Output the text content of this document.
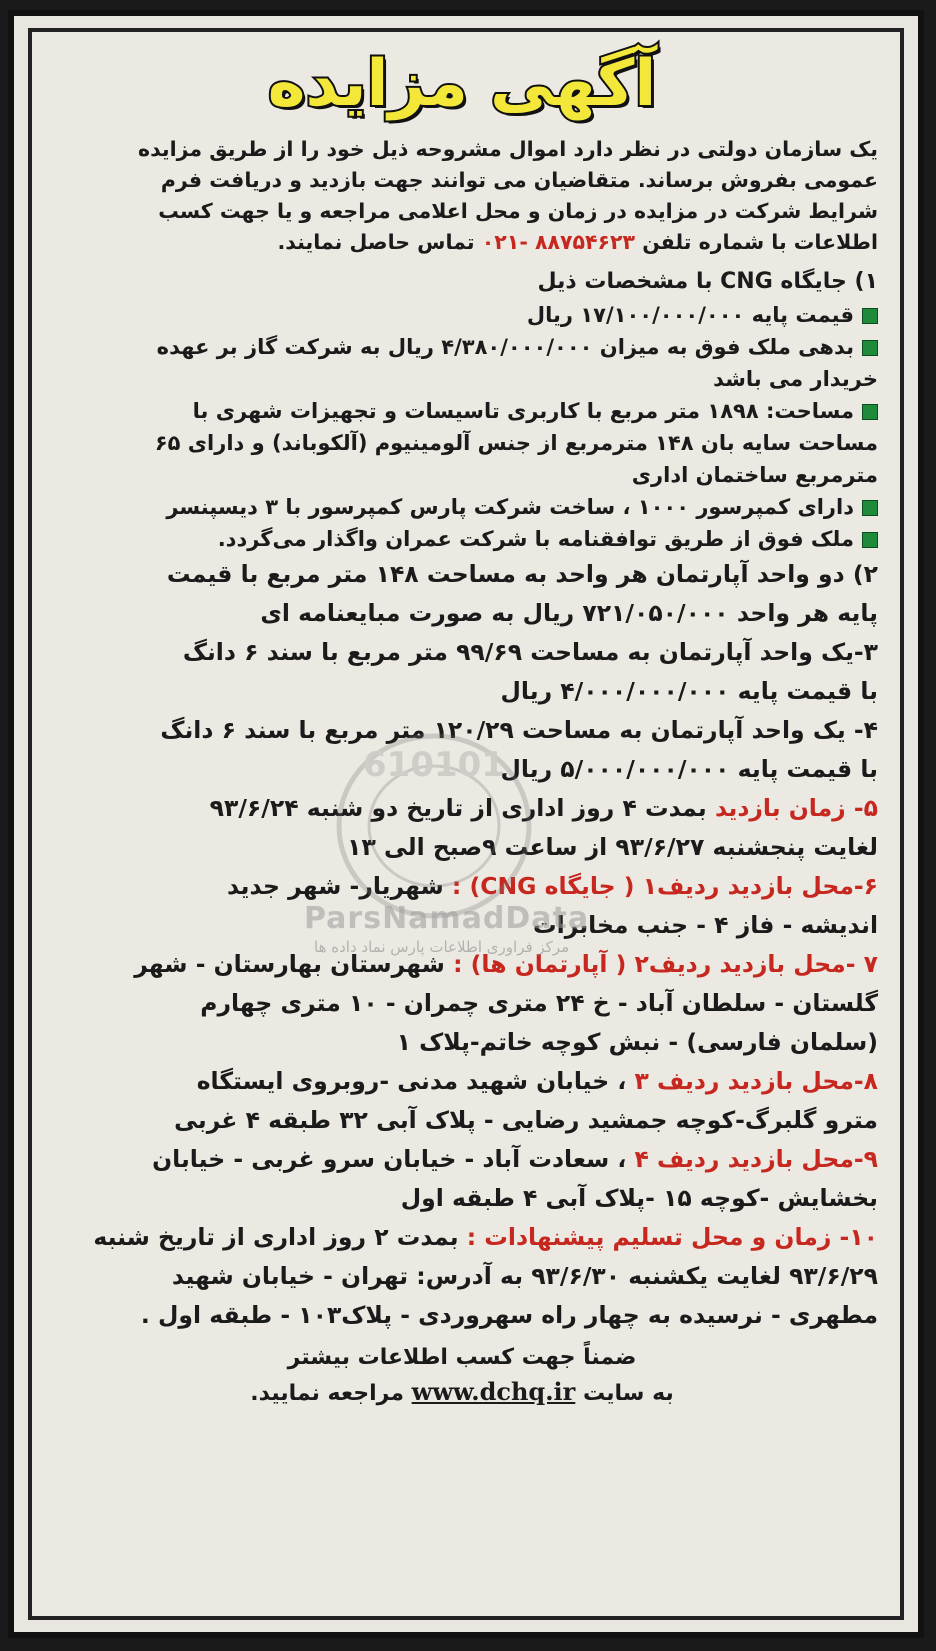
آگهی مزایده
یک سازمان دولتی در نظر دارد اموال مشروحه ذیل خود را از طریق مزایده
عمومی بفروش برساند. متقاضیان می توانند جهت بازدید و دریافت فرم
شرایط شرکت در مزایده در زمان و محل اعلامی مراجعه و یا جهت کسب
اطلاعات با شماره تلفن ۸۸۷۵۴۶۲۳ -۰۲۱ تماس حاصل نمایند.
۱) جایگاه CNG با مشخصات ذیل
قیمت پایه ۱۷/۱۰۰/۰۰۰/۰۰۰ ریال
بدهی ملک فوق به میزان ۴/۳۸۰/۰۰۰/۰۰۰ ریال به شرکت گاز بر عهده
خریدار می باشد
مساحت: ۱۸۹۸ متر مربع با کاربری تاسیسات و تجهیزات شهری با
مساحت سایه بان ۱۴۸ مترمربع از جنس آلومینیوم (آلکوباند) و دارای ۶۵
مترمربع ساختمان اداری
دارای کمپرسور ۱۰۰۰ ، ساخت شرکت پارس کمپرسور با ۳ دیسپنسر
ملک فوق از طریق توافقنامه با شرکت عمران واگذار می‌گردد.
۲) دو واحد آپارتمان هر واحد به مساحت ۱۴۸ متر مربع با قیمت
پایه هر واحد ۷۲۱/۰۵۰/۰۰۰ ریال به صورت مبایعنامه ای
۳-یک واحد آپارتمان به مساحت ۹۹/۶۹ متر مربع با سند ۶ دانگ
با قیمت پایه ۴/۰۰۰/۰۰۰/۰۰۰ ریال
۴- یک واحد آپارتمان به مساحت ۱۲۰/۲۹ متر مربع با سند ۶ دانگ
با قیمت پایه ۵/۰۰۰/۰۰۰/۰۰۰ ریال
۵- زمان بازدید بمدت ۴ روز اداری از تاریخ دو شنبه ۹۳/۶/۲۴
لغایت پنجشنبه ۹۳/۶/۲۷ از ساعت ۹صبح الی ۱۳
۶-محل بازدید ردیف۱ ( جایگاه CNG) : شهریار- شهر جدید
اندیشه - فاز ۴ - جنب مخابرات
۷ -محل بازدید ردیف۲ ( آپارتمان ها) : شهرستان بهارستان - شهر
گلستان - سلطان آباد - خ ۲۴ متری چمران - ۱۰ متری چهارم
(سلمان فارسی) - نبش کوچه خاتم-پلاک ۱
۸-محل بازدید ردیف ۳ ، خیابان شهید مدنی -روبروی ایستگاه
مترو گلبرگ-کوچه جمشید رضایی - پلاک آبی ۳۲ طبقه ۴ غربی
۹-محل بازدید ردیف ۴ ، سعادت آباد - خیابان سرو غربی - خیابان
بخشایش -کوچه ۱۵ -پلاک آبی ۴ طبقه اول
۱۰- زمان و محل تسلیم پیشنهادات : بمدت ۲ روز اداری از تاریخ شنبه
۹۳/۶/۲۹ لغایت یکشنبه ۹۳/۶/۳۰ به آدرس: تهران - خیابان شهید
مطهری - نرسیده به چهار راه سهروردی - پلاک۱۰۳ - طبقه اول .
ضمناً جهت کسب اطلاعات بیشتر
به سایت www.dchq.ir مراجعه نمایید.
610101
ParsNamadData
مرکز فراوری اطلاعات پارس نماد داده ها
